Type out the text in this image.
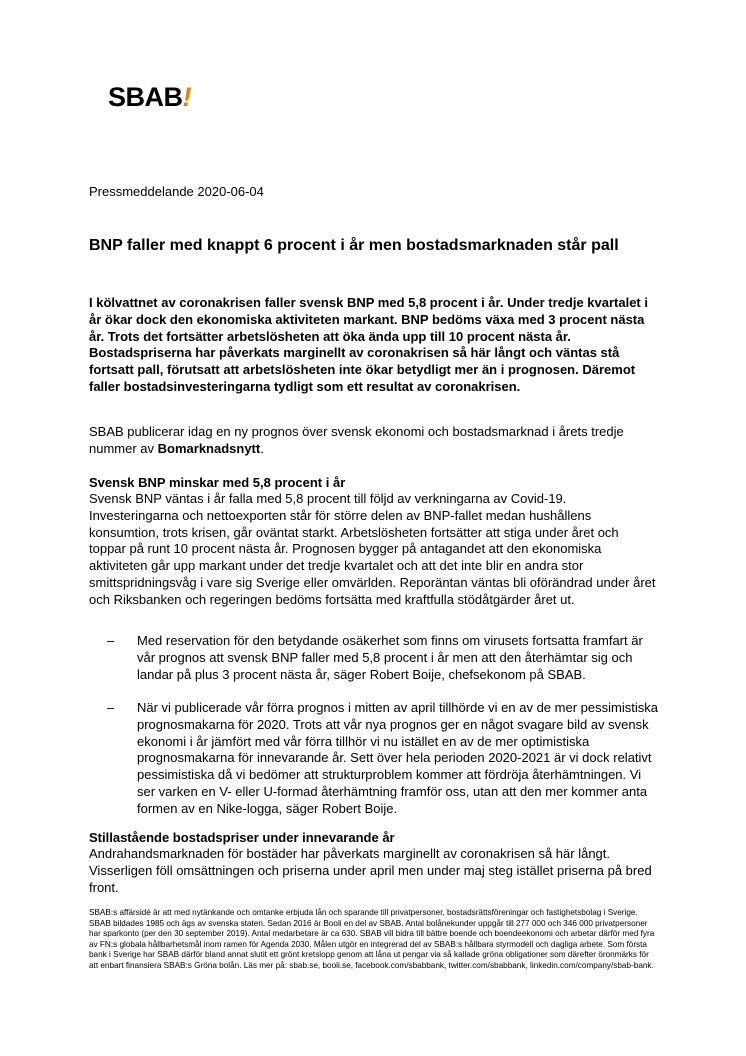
SBAB!
Pressmeddelande 2020-06-04
BNP faller med knappt 6 procent i år men bostadsmarknaden står pall

I kölvattnet av coronakrisen faller svensk BNP med 5,8 procent i år. Under tredje kvartalet i år ökar dock den ekonomiska aktiviteten markant. BNP bedöms växa med 3 procent nästa år. Trots det fortsätter arbetslösheten att öka ända upp till 10 procent nästa år. Bostadspriserna har påverkats marginellt av coronakrisen så här långt och väntas stå fortsatt pall, förutsatt att arbetslösheten inte ökar betydligt mer än i prognosen. Däremot faller bostadsinvesteringarna tydligt som ett resultat av coronakrisen.

SBAB publicerar idag en ny prognos över svensk ekonomi och bostadsmarknad i årets tredje nummer av Bomarknadsnytt.

Svensk BNP minskar med 5,8 procent i år

Svensk BNP väntas i år falla med 5,8 procent till följd av verkningarna av Covid-19. Investeringarna och nettoexporten står för större delen av BNP-fallet medan hushållens konsumtion, trots krisen, går oväntat starkt. Arbetslösheten fortsätter att stiga under året och toppar på runt 10 procent nästa år. Prognosen bygger på antagandet att den ekonomiska aktiviteten går upp markant under det tredje kvartalet och att det inte blir en andra stor smittspridningsvåg i vare sig Sverige eller omvärlden. Reporäntan väntas bli oförändrad under året och Riksbanken och regeringen bedöms fortsätta med kraftfulla stödåtgärder året ut.

–	Med reservation för den betydande osäkerhet som finns om virusets fortsatta framfart är vår prognos att svensk BNP faller med 5,8 procent i år men att den återhämtar sig och landar på plus 3 procent nästa år, säger Robert Boije, chefsekonom på SBAB.
–	När vi publicerade vår förra prognos i mitten av april tillhörde vi en av de mer pessimistiska prognosmakarna för 2020. Trots att vår nya prognos ger en något svagare bild av svensk ekonomi i år jämfört med vår förra tillhör vi nu istället en av de mer optimistiska prognosmakarna för innevarande år. Sett över hela perioden 2020-2021 är vi dock relativt pessimistiska då vi bedömer att strukturproblem kommer att fördröja återhämtningen. Vi ser varken en V- eller U-formad återhämtning framför oss, utan att den mer kommer anta formen av en Nike-logga, säger Robert Boije.
Stillastående bostadspriser under innevarande år

Andrahandsmarknaden för bostäder har påverkats marginellt av coronakrisen så här långt. Visserligen föll omsättningen och priserna under april men under maj steg istället priserna på bred front.

SBAB:s affärsidé är att med nytänkande och omtanke erbjuda lån och sparande till privatpersoner, bostadsrättsföreningar och fastighetsbolag i Sverige. SBAB bildades 1985 och ägs av svenska staten. Sedan 2016 är Booli en del av SBAB. Antal bolånekunder uppgår till 277 000 och 346 000 privatpersoner har sparkonto (per den 30 september 2019). Antal medarbetare är ca 630. SBAB vill bidra till bättre boende och boendeekonomi och arbetar därför med fyra av FN:s globala hållbarhetsmål inom ramen för Agenda 2030. Målen utgör en integrerad del av SBAB:s hållbara styrmodell och dagliga arbete. Som första bank i Sverige har SBAB därför bland annat slutit ett grönt kretslopp genom att låna ut pengar via så kallade gröna obligationer som därefter öronmärks för att enbart finansiera SBAB:s Gröna bolån. Läs mer på: sbab.se, booli.se, facebook.com/sbabbank, twitter.com/sbabbank, linkedin.com/company/sbab-bank.
